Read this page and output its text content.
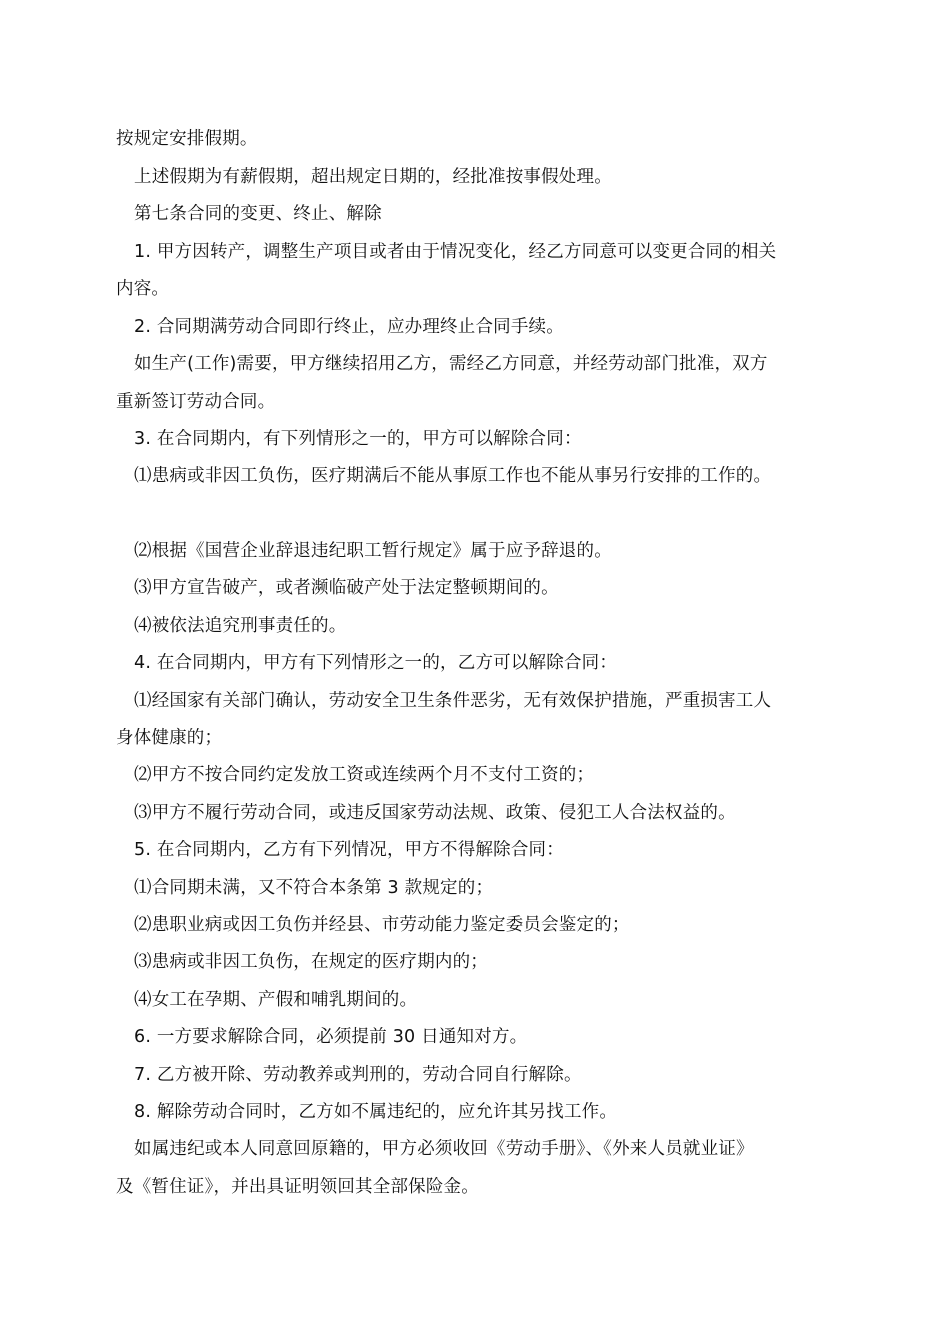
按规定安排假期。
上述假期为有薪假期，超出规定日期的，经批准按事假处理。
第七条合同的变更、终止、解除
1. 甲方因转产，调整生产项目或者由于情况变化，经乙方同意可以变更合同的相关
内容。
2. 合同期满劳动合同即行终止，应办理终止合同手续。
如生产(工作)需要，甲方继续招用乙方，需经乙方同意，并经劳动部门批准，双方
重新签订劳动合同。
3. 在合同期内，有下列情形之一的，甲方可以解除合同：
⑴患病或非因工负伤，医疗期满后不能从事原工作也不能从事另行安排的工作的。
⑵根据《国营企业辞退违纪职工暂行规定》属于应予辞退的。
⑶甲方宣告破产，或者濒临破产处于法定整顿期间的。
⑷被依法追究刑事责任的。
4. 在合同期内，甲方有下列情形之一的，乙方可以解除合同：
⑴经国家有关部门确认，劳动安全卫生条件恶劣，无有效保护措施，严重损害工人
身体健康的；
⑵甲方不按合同约定发放工资或连续两个月不支付工资的；
⑶甲方不履行劳动合同，或违反国家劳动法规、政策、侵犯工人合法权益的。
5. 在合同期内，乙方有下列情况，甲方不得解除合同：
⑴合同期未满，又不符合本条第 3 款规定的；
⑵患职业病或因工负伤并经县、市劳动能力鉴定委员会鉴定的；
⑶患病或非因工负伤，在规定的医疗期内的；
⑷女工在孕期、产假和哺乳期间的。
6. 一方要求解除合同，必须提前 30 日通知对方。
7. 乙方被开除、劳动教养或判刑的，劳动合同自行解除。
8. 解除劳动合同时，乙方如不属违纪的，应允许其另找工作。
如属违纪或本人同意回原籍的，甲方必须收回《劳动手册》、《外来人员就业证》
及《暂住证》，并出具证明领回其全部保险金。
